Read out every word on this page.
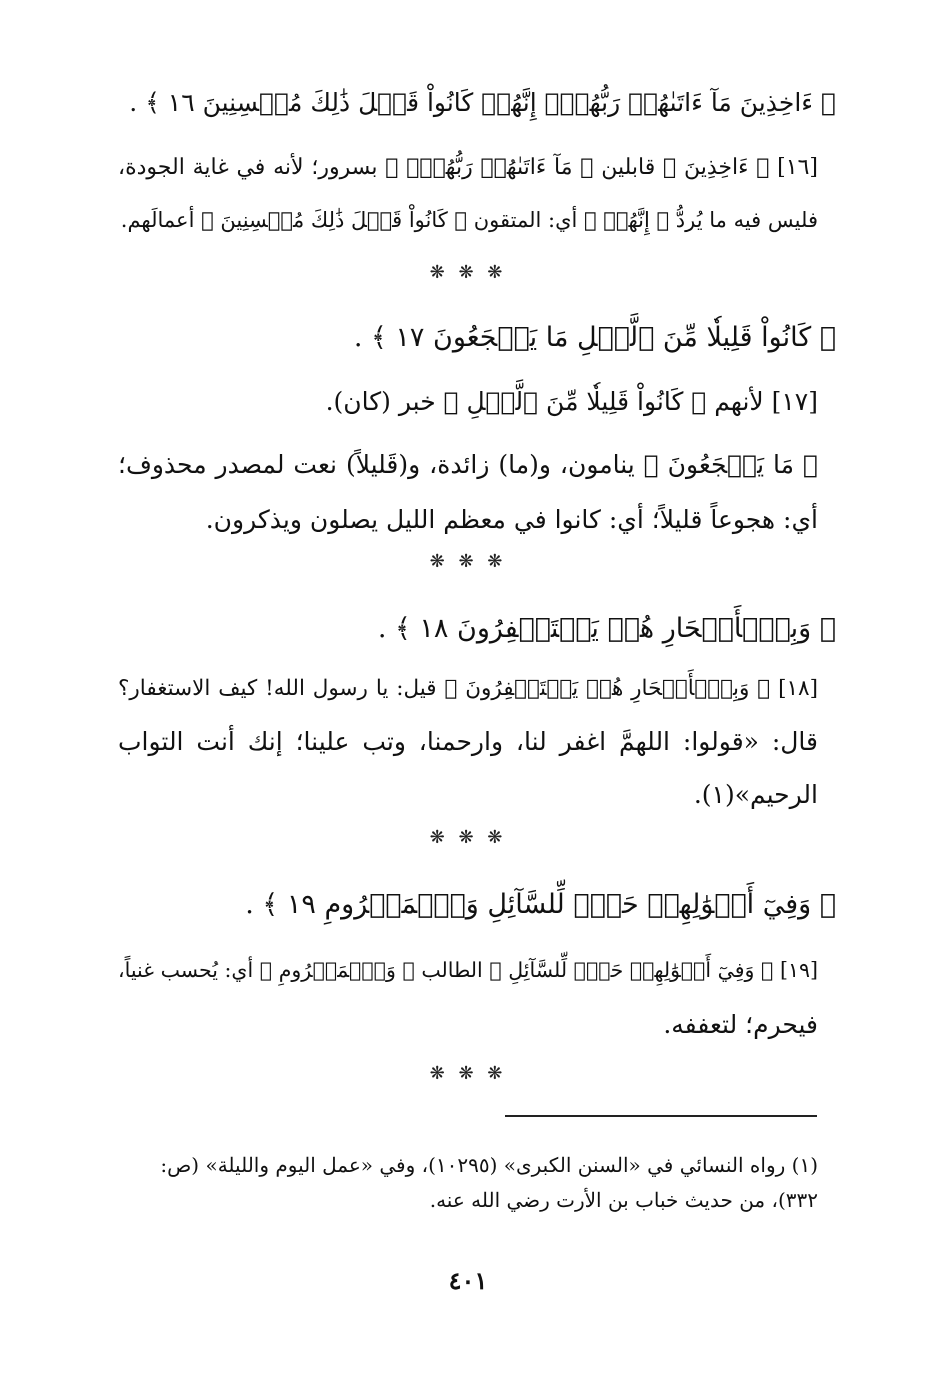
﴿ ءَاخِذِينَ مَآ ءَاتَىٰهُمۡ رَبُّهُمۡۚ إِنَّهُمۡ كَانُواْ قَبۡلَ ذَٰلِكَ مُحۡسِنِينَ ١٦ ﴾ .
[١٦] ﴿ ءَاخِذِينَ ﴾ قابلين ﴿ مَآ ءَاتَىٰهُمۡ رَبُّهُمۡۚ ﴾ بسرور؛ لأنه في غاية الجودة،
فليس فيه ما يُردُّ ﴿ إِنَّهُمۡ ﴾ أي: المتقون ﴿ كَانُواْ قَبۡلَ ذَٰلِكَ مُحۡسِنِينَ ﴾ أعمالَهم.
❋ ❋ ❋
﴿ كَانُواْ قَلِيلٗا مِّنَ ٱلَّيۡلِ مَا يَهۡجَعُونَ ١٧ ﴾ .
[١٧] لأنهم ﴿ كَانُواْ قَلِيلٗا مِّنَ ٱلَّيۡلِ ﴾ خبر (كان).
﴿ مَا يَهۡجَعُونَ ﴾ ينامون، و(ما) زائدة، و(قَليلاً) نعت لمصدر محذوف؛
أي: هجوعاً قليلاً؛ أي: كانوا في معظم الليل يصلون ويذكرون.
❋ ❋ ❋
﴿ وَبِٱلۡأَسۡحَارِ هُمۡ يَسۡتَغۡفِرُونَ ١٨ ﴾ .
[١٨] ﴿ وَبِٱلۡأَسۡحَارِ هُمۡ يَسۡتَغۡفِرُونَ ﴾ قيل: يا رسول الله! كيف الاستغفار؟
قال: «قولوا: اللهمَّ اغفر لنا، وارحمنا، وتب علينا؛ إنك أنت التواب
الرحيم»(١).
❋ ❋ ❋
﴿ وَفِيٓ أَمۡوَٰلِهِمۡ حَقّٞ لِّلسَّآئِلِ وَٱلۡمَحۡرُومِ ١٩ ﴾ .
[١٩] ﴿ وَفِيٓ أَمۡوَٰلِهِمۡ حَقّٞ لِّلسَّآئِلِ ﴾ الطالب ﴿ وَٱلۡمَحۡرُومِ ﴾ أي: يُحسب غنياً،
فيحرم؛ لتعففه.
❋ ❋ ❋
(١) رواه النسائي في «السنن الكبرى» (١٠٢٩٥)، وفي «عمل اليوم والليلة» (ص:
٣٣٢)، من حديث خباب بن الأرت رضي الله عنه.
٤٠١
